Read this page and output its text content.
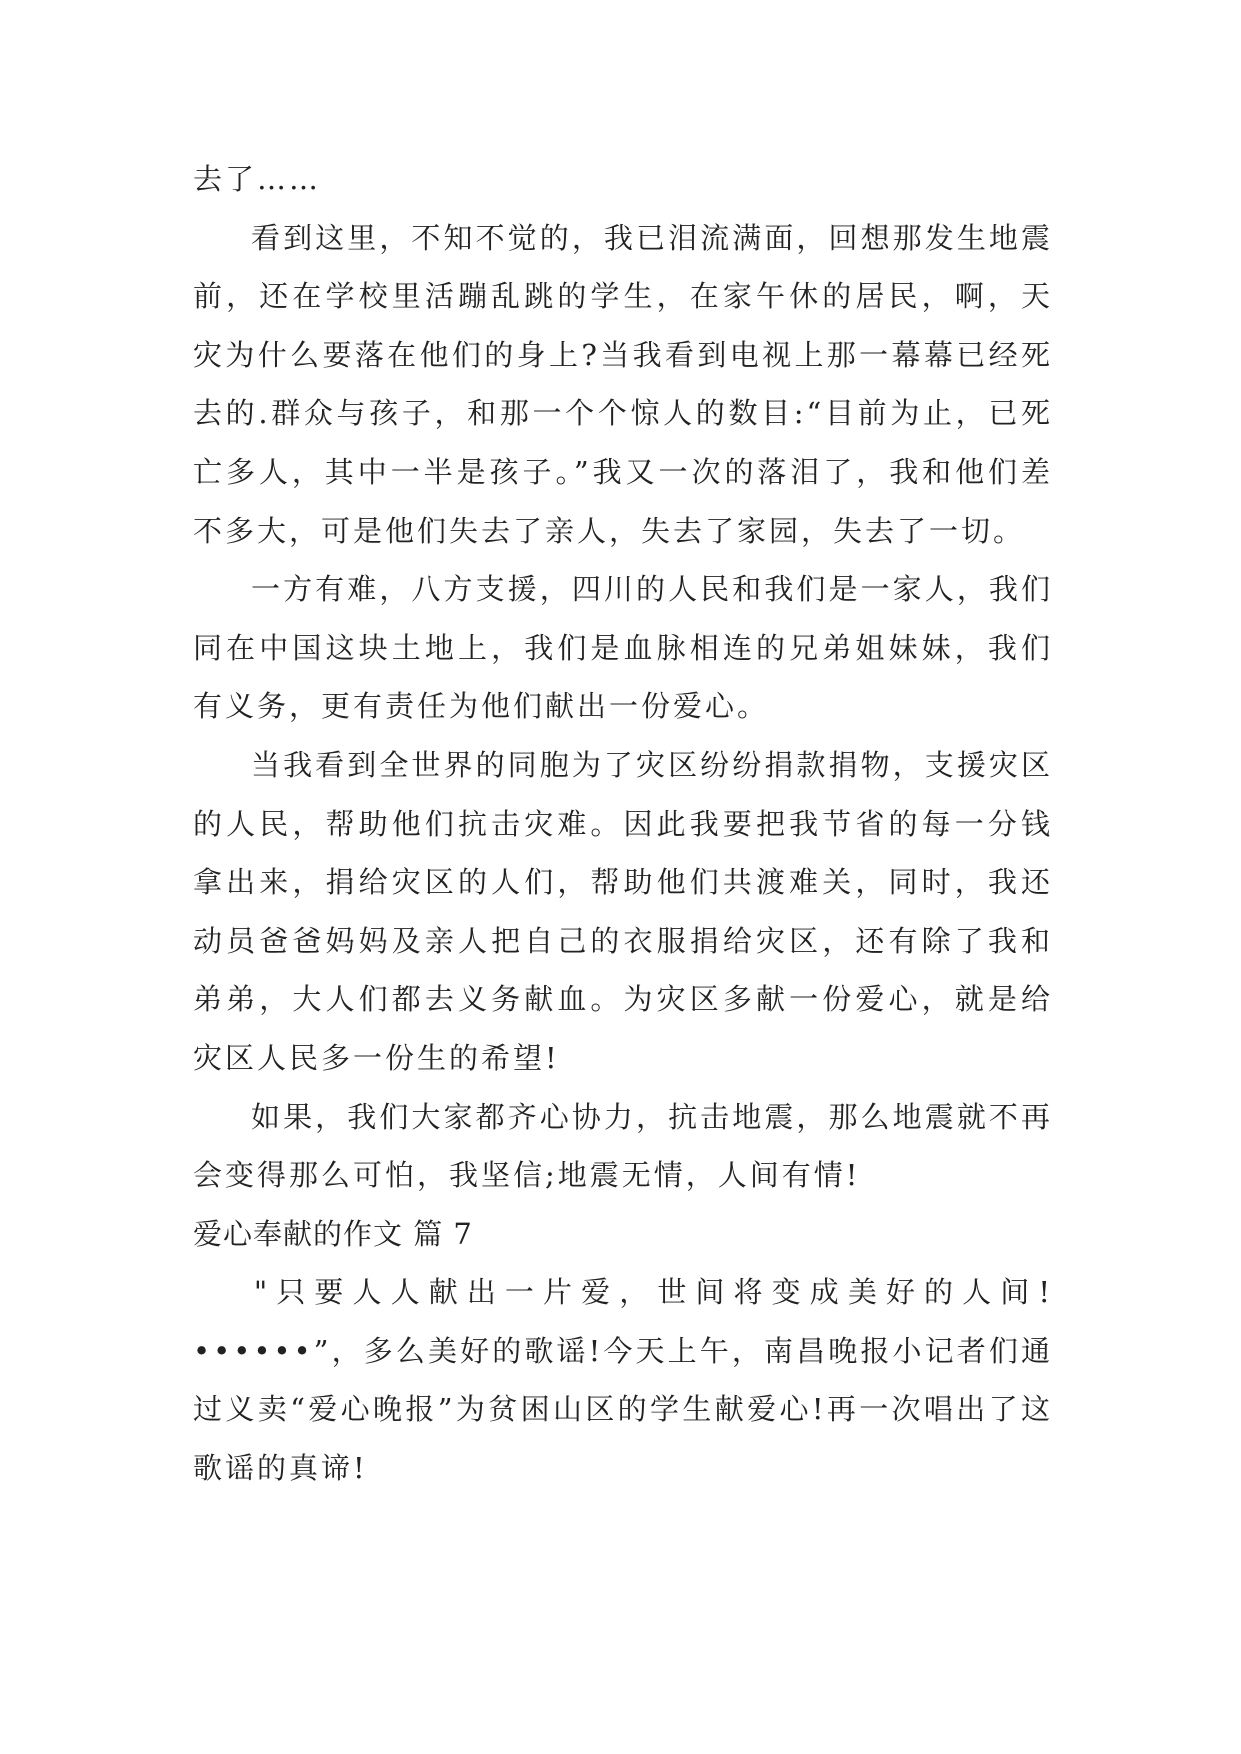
去了……

看到这里，不知不觉的，我已泪流满面，回想那发生地震前，还在学校里活蹦乱跳的学生，在家午休的居民，啊，天灾为什么要落在他们的身上?当我看到电视上那一幕幕已经死去的.群众与孩子，和那一个个惊人的数目:“目前为止，已死亡多人，其中一半是孩子。”我又一次的落泪了，我和他们差不多大，可是他们失去了亲人，失去了家园，失去了一切。

一方有难，八方支援，四川的人民和我们是一家人，我们同在中国这块土地上，我们是血脉相连的兄弟姐妹妹，我们有义务，更有责任为他们献出一份爱心。

当我看到全世界的同胞为了灾区纷纷捐款捐物，支援灾区的人民，帮助他们抗击灾难。因此我要把我节省的每一分钱拿出来，捐给灾区的人们，帮助他们共渡难关，同时，我还动员爸爸妈妈及亲人把自己的衣服捐给灾区，还有除了我和弟弟，大人们都去义务献血。为灾区多献一份爱心，就是给灾区人民多一份生的希望!

如果，我们大家都齐心协力，抗击地震，那么地震就不再会变得那么可怕，我坚信;地震无情，人间有情!

爱心奉献的作文 篇 7

"只要人人献出一片爱，世间将变成美好的人间!••••••”，多么美好的歌谣!今天上午，南昌晚报小记者们通过义卖“爱心晚报”为贫困山区的学生献爱心!再一次唱出了这歌谣的真谛!
